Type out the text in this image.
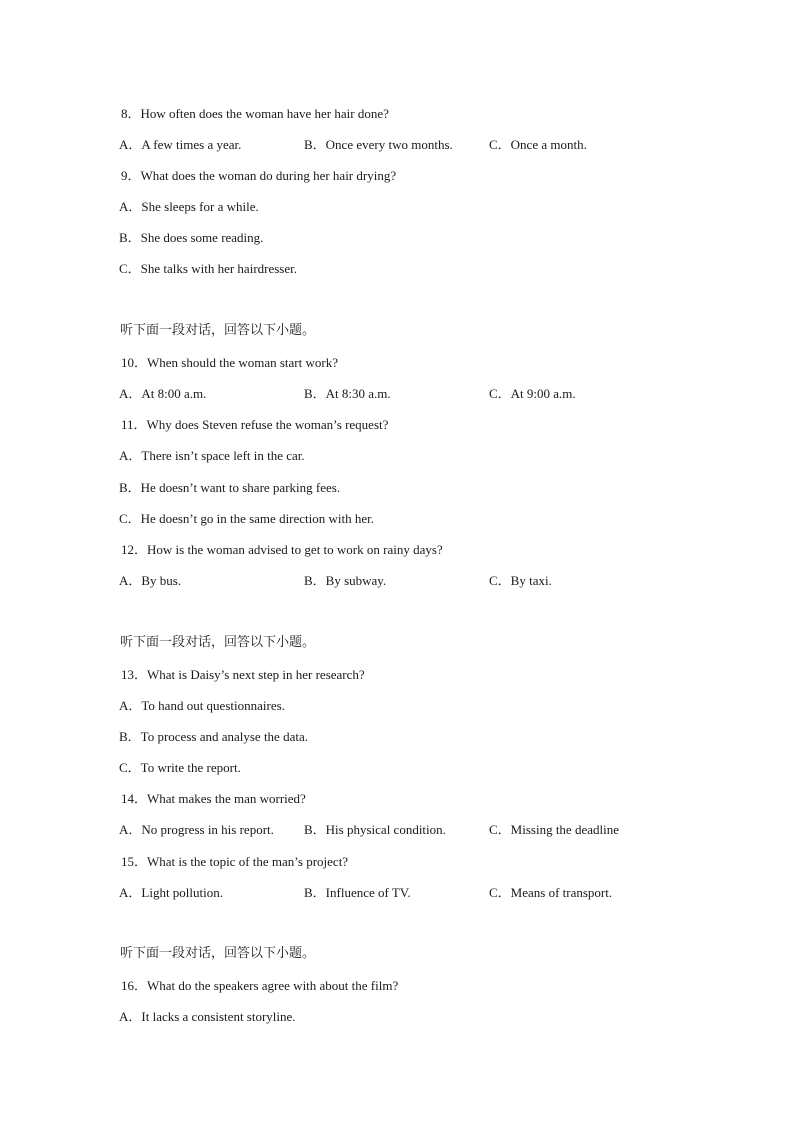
8．How often does the woman have her hair done?
A．A few times a year.	B．Once every two months.	C．Once a month.
9．What does the woman do during her hair drying?
A．She sleeps for a while.
B．She does some reading.
C．She talks with her hairdresser.
听下面一段对话，回答以下小题。
10．When should the woman start work?
A．At 8:00 a.m.	B．At 8:30 a.m.	C．At 9:00 a.m.
11．Why does Steven refuse the woman’s request?
A．There isn’t space left in the car.
B．He doesn’t want to share parking fees.
C．He doesn’t go in the same direction with her.
12．How is the woman advised to get to work on rainy days?
A．By bus.	B．By subway.	C．By taxi.
听下面一段对话，回答以下小题。
13．What is Daisy’s next step in her research?
A．To hand out questionnaires.
B．To process and analyse the data.
C．To write the report.
14．What makes the man worried?
A．No progress in his report. B．His physical condition.	C．Missing the deadline
15．What is the topic of the man’s project?
A．Light pollution.	B．Influence of TV.	C．Means of transport.
听下面一段对话，回答以下小题。
16．What do the speakers agree with about the film?
A．It lacks a consistent storyline.
